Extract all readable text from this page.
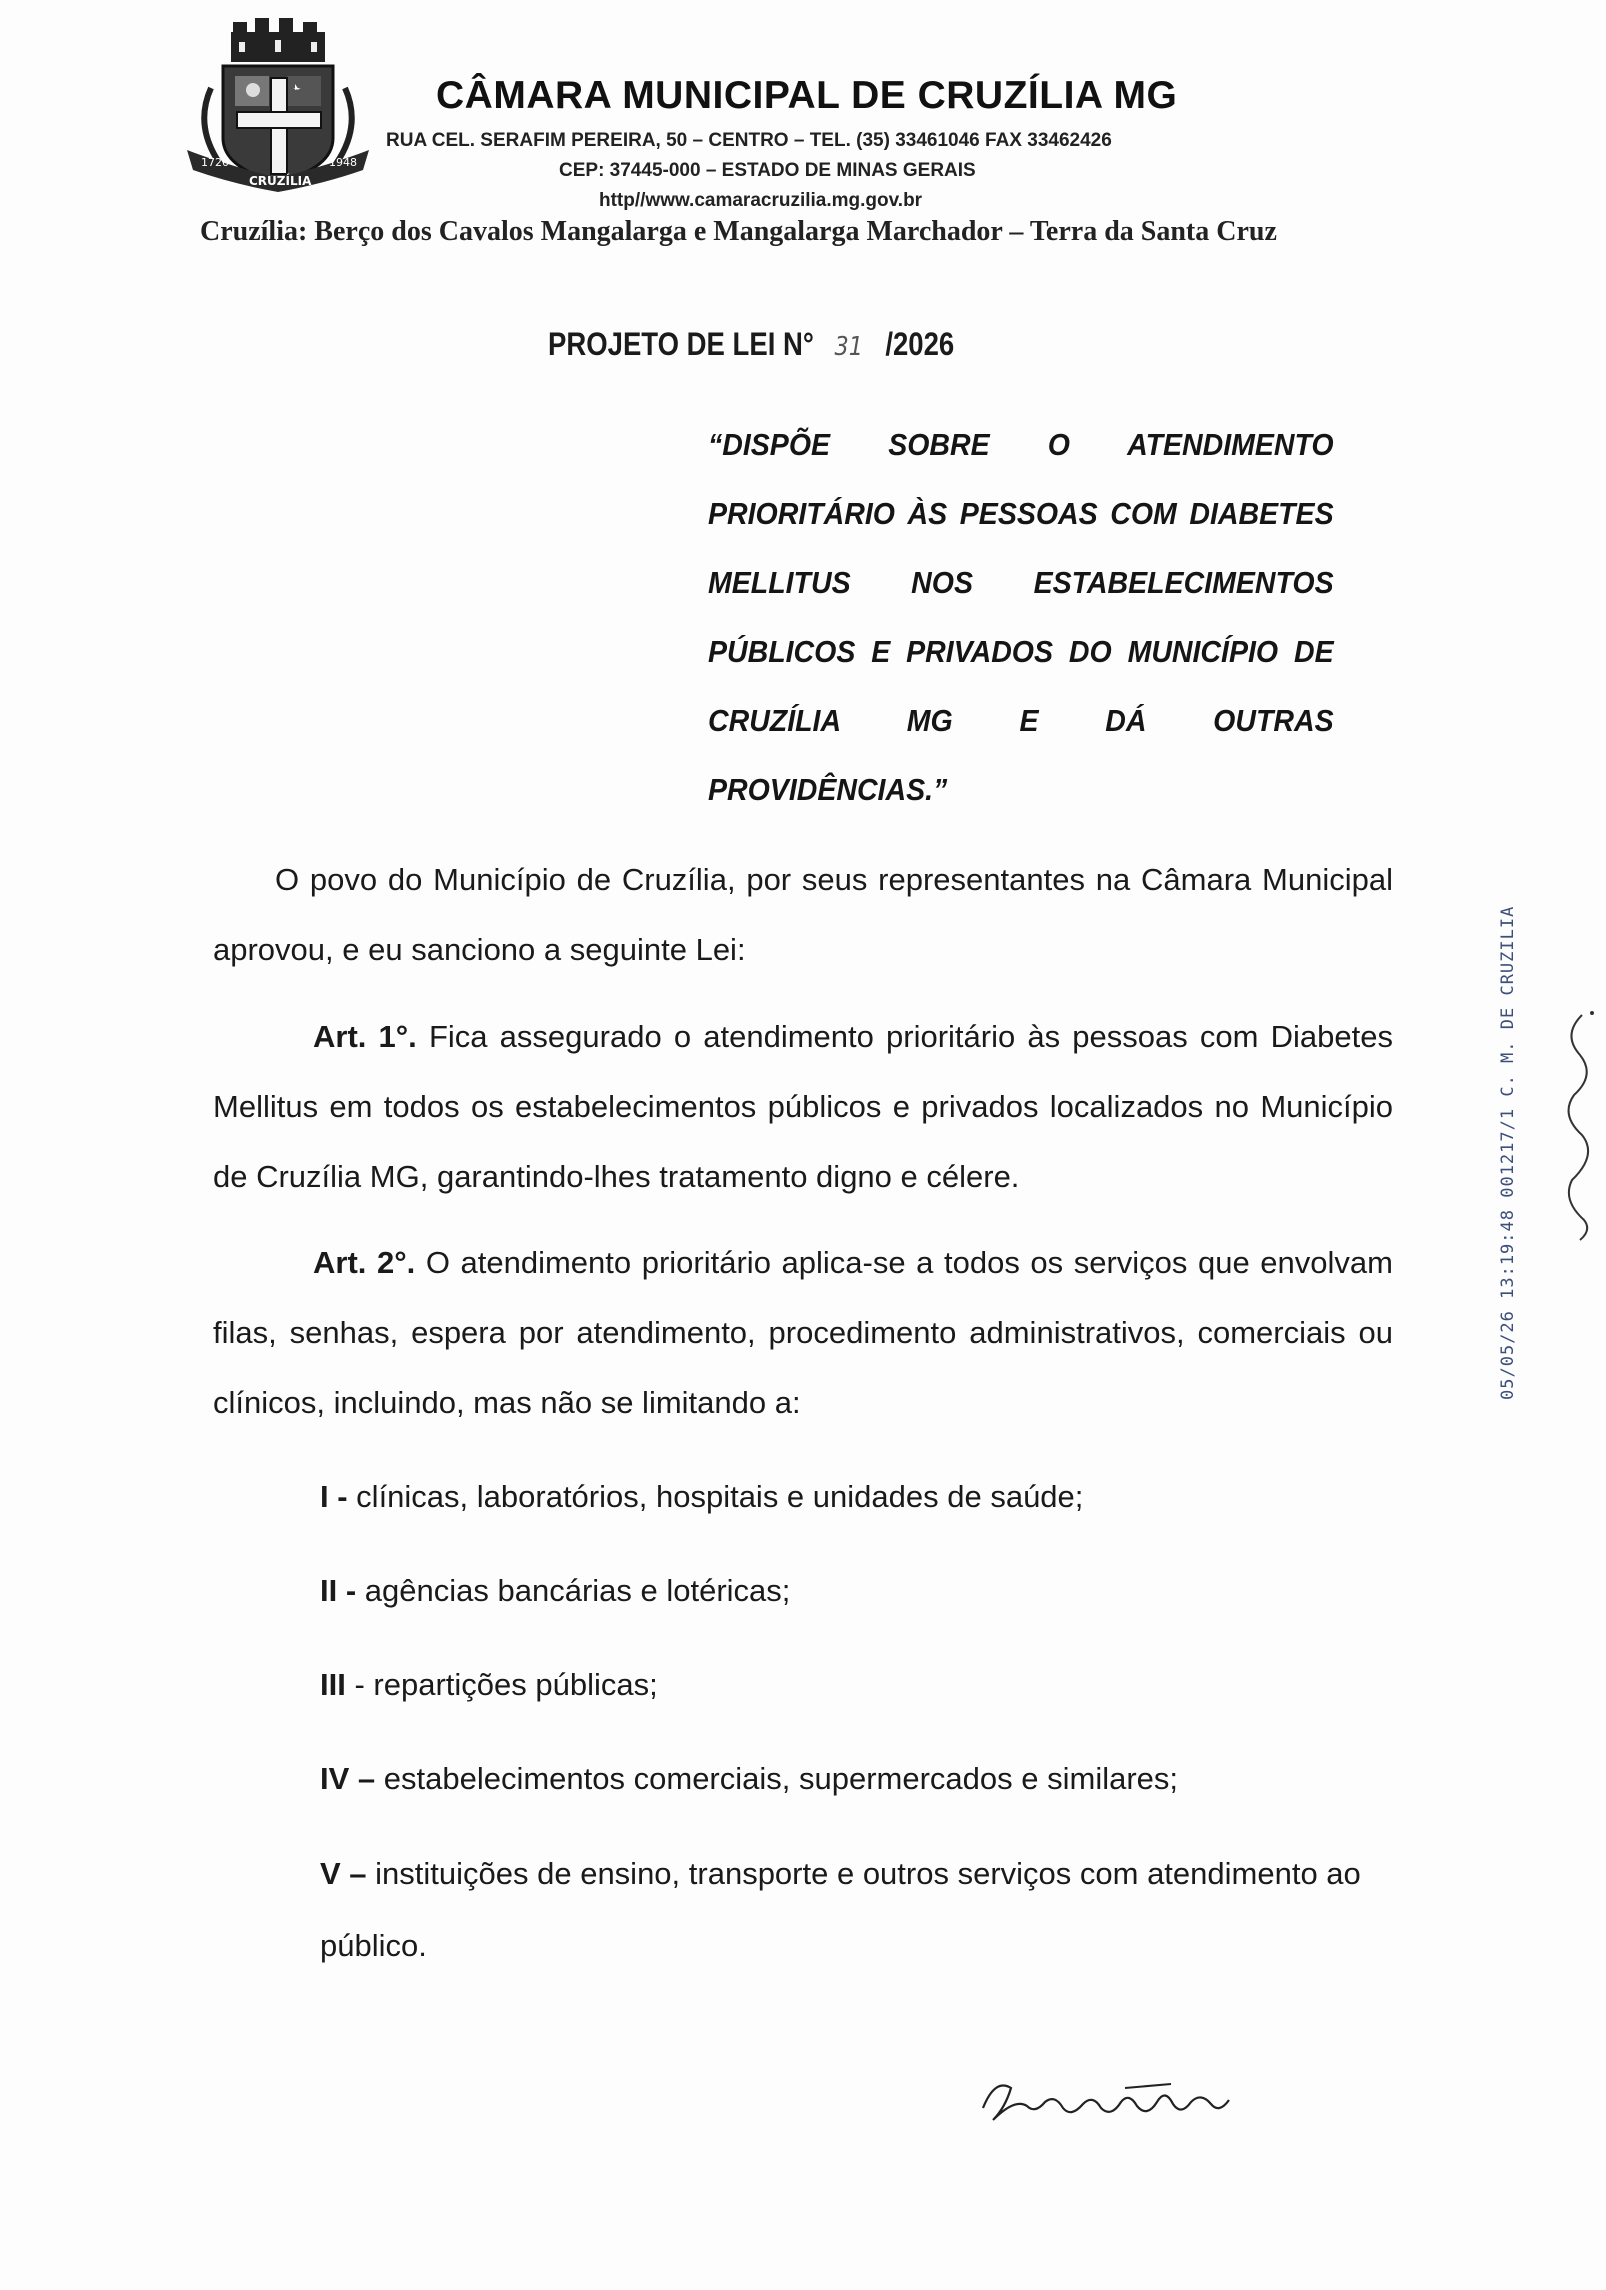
1720	1948
CRUZÍLIA
CÂMARA MUNICIPAL DE CRUZÍLIA MG
RUA CEL. SERAFIM PEREIRA, 50 – CENTRO – TEL. (35) 33461046 FAX 33462426
CEP: 37445-000 – ESTADO DE MINAS GERAIS
http//www.camaracruzilia.mg.gov.br
Cruzília: Berço dos Cavalos Mangalarga e Mangalarga Marchador – Terra da Santa Cruz
PROJETO DE LEI N° 31 /2026
“DISPÕE SOBRE O ATENDIMENTO PRIORITÁRIO ÀS PESSOAS COM DIABETES MELLITUS NOS ESTABELECIMENTOS PÚBLICOS E PRIVADOS DO MUNICÍPIO DE CRUZÍLIA MG E DÁ OUTRAS PROVIDÊNCIAS.”
O povo do Município de Cruzília, por seus representantes na Câmara Municipal aprovou, e eu sanciono a seguinte Lei:
Art. 1°. Fica assegurado o atendimento prioritário às pessoas com Diabetes Mellitus em todos os estabelecimentos públicos e privados localizados no Município de Cruzília MG, garantindo-lhes tratamento digno e célere.
Art. 2°. O atendimento prioritário aplica-se a todos os serviços que envolvam filas, senhas, espera por atendimento, procedimento administrativos, comerciais ou clínicos, incluindo, mas não se limitando a:
I - clínicas, laboratórios, hospitais e unidades de saúde;
II - agências bancárias e lotéricas;
III - repartições públicas;
IV – estabelecimentos comerciais, supermercados e similares;
V – instituições de ensino, transporte e outros serviços com atendimento ao público.
05/05/26 13:19:48 001217/1 C. M. DE CRUZILIA
